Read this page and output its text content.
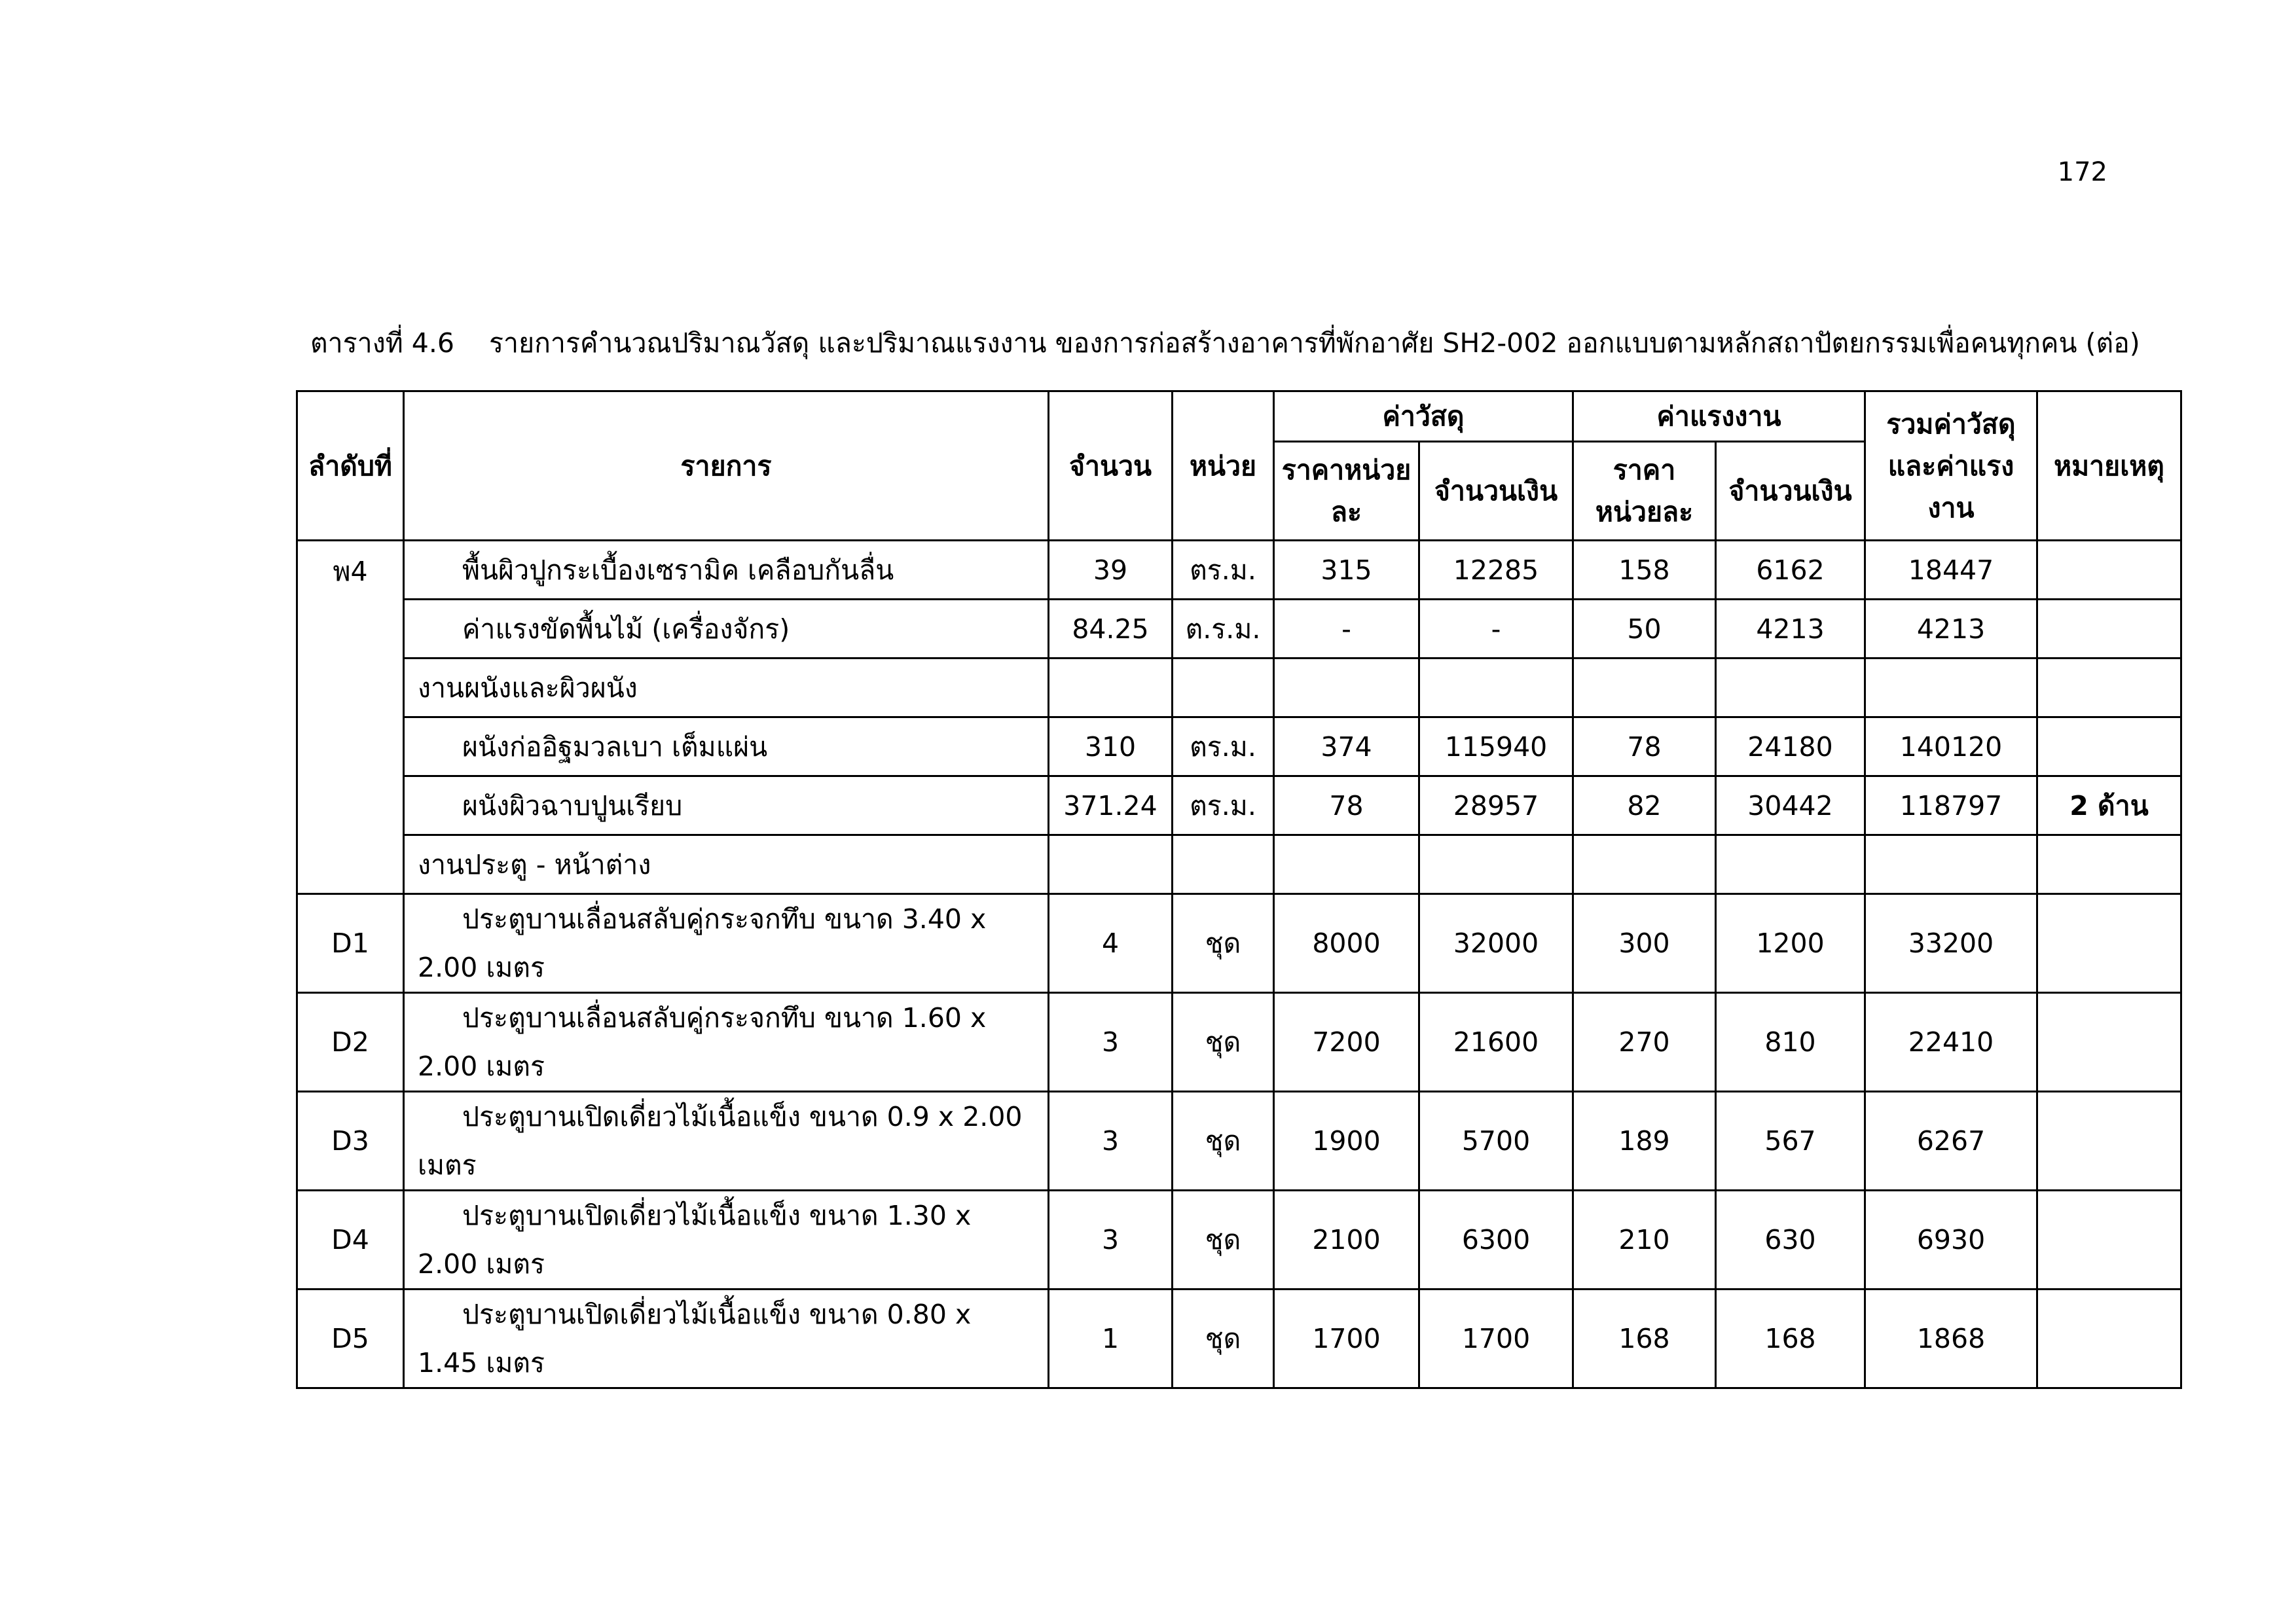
172
ตารางที่ 4.6 รายการคำนวณปริมาณวัสดุ และปริมาณแรงงาน ของการก่อสร้างอาคารที่พักอาศัย SH2-002 ออกแบบตามหลักสถาปัตยกรรมเพื่อคนทุกคน (ต่อ)
ลำดับที่	รายการ	จำนวน	หน่วย	ค่าวัสดุ		ค่าแรงงาน		รวมค่าวัสดุและค่าแรงงาน	หมายเหตุ
				ราคาหน่วยละ	จำนวนเงิน	ราคาหน่วยละ	จำนวนเงิน		
พ4	พื้นผิวปูกระเบื้องเซรามิค เคลือบกันลื่น	39	ตร.ม.	315	12285	158	6162	18447	
	ค่าแรงขัดพื้นไม้ (เครื่องจักร)	84.25	ต.ร.ม.	-	-	50	4213	4213	
	งานผนังและผิวผนัง								
	ผนังก่ออิฐมวลเบา เต็มแผ่น	310	ตร.ม.	374	115940	78	24180	140120	
	ผนังผิวฉาบปูนเรียบ	371.24	ตร.ม.	78	28957	82	30442	118797	2 ด้าน
	งานประตู - หน้าต่าง								
D1	ประตูบานเลื่อนสลับคู่กระจกทึบ ขนาด 3.40 x 2.00 เมตร	4	ชุด	8000	32000	300	1200	33200	
D2	ประตูบานเลื่อนสลับคู่กระจกทึบ ขนาด 1.60 x 2.00 เมตร	3	ชุด	7200	21600	270	810	22410	
D3	ประตูบานเปิดเดี่ยวไม้เนื้อแข็ง ขนาด 0.9 x 2.00 เมตร	3	ชุด	1900	5700	189	567	6267	
D4	ประตูบานเปิดเดี่ยวไม้เนื้อแข็ง ขนาด 1.30 x 2.00 เมตร	3	ชุด	2100	6300	210	630	6930	
D5	ประตูบานเปิดเดี่ยวไม้เนื้อแข็ง ขนาด 0.80 x 1.45 เมตร	1	ชุด	1700	1700	168	168	1868	
